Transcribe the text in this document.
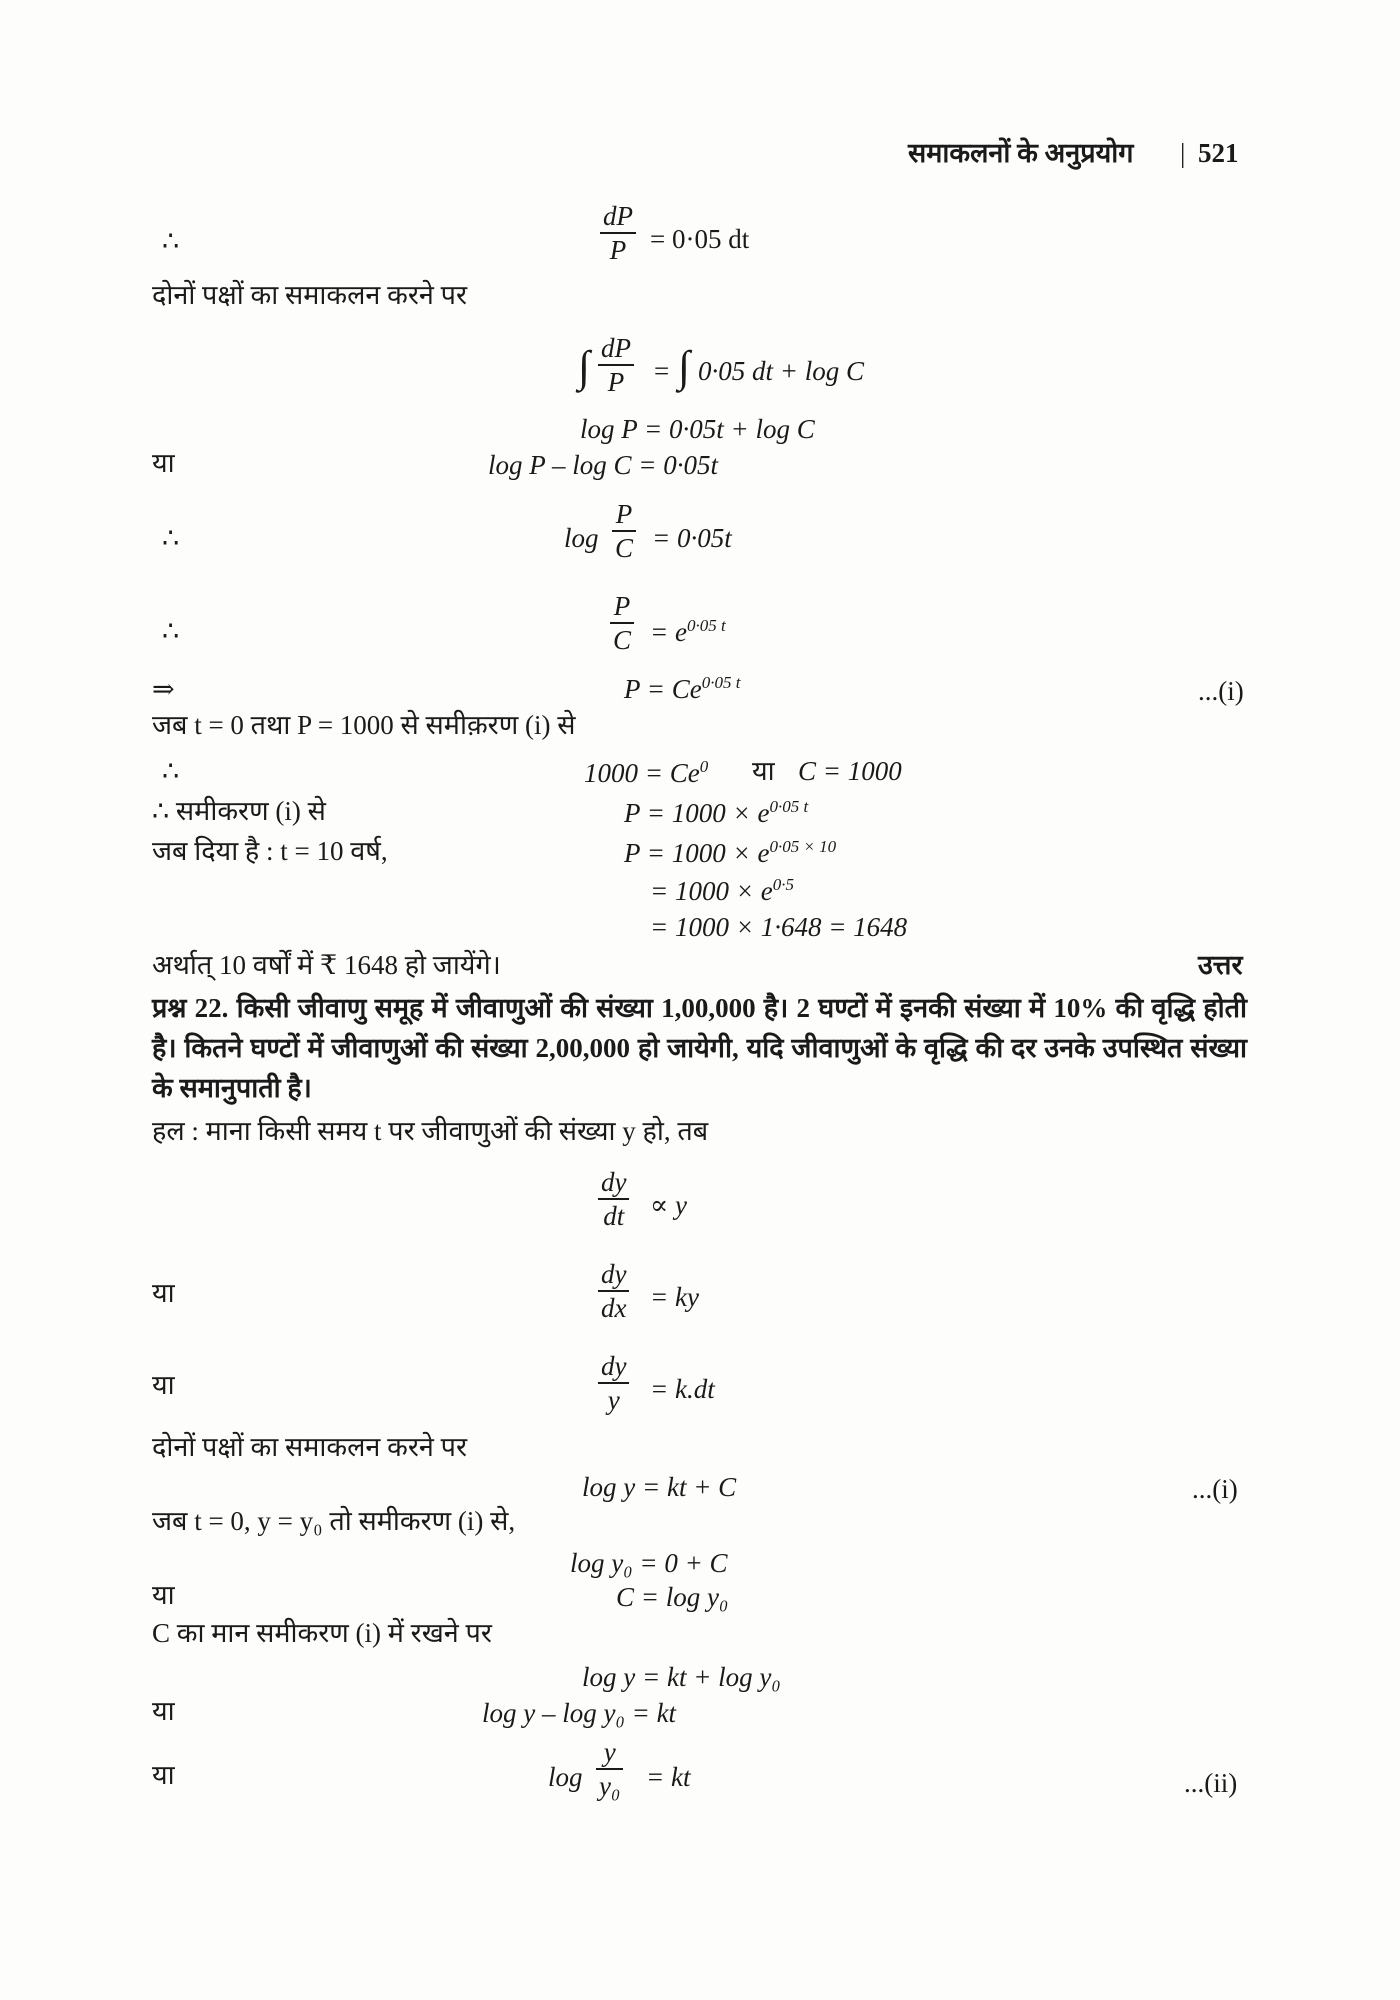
समाकलनों के अनुप्रयोग | 521
∴
dP
P = 0·05 dt
दोनों पक्षों का समाकलन करने पर
∫ dP
P = ∫ 0·05 dt + log C
log P = 0·05t + log C
या	log P – log C = 0·05t
∴	log
P
C = 0·05t
∴
P
$C = e^{0\cdot 05 t}$
⇒	$P = Ce^{0\cdot 05 t}$	...(i)
जब t = 0 तथा P = 1000 से समीक़रण (i) से
∴	$1000 = Ce^0$ या C = 1000
∴ समीकरण (i) से	$P = 1000 \times e^{0\cdot 05 t}$
जब दिया है : t = 10 वर्ष,	$P = 1000 \times e^{0\cdot 05 \times 10}$
= $1000 \times e^{0\cdot 5}$
= 1000 × 1·648 = 1648
अर्थात् 10 वर्षों में ₹ 1648 हो जायेंगे।	उत्तर
प्रश्न 22. किसी जीवाणु समूह में जीवाणुओं की संख्या 1,00,000 है। 2 घण्टों में इनकी संख्या में 10% की वृद्धि होती है। कितने घण्टों में जीवाणुओं की संख्या 2,00,000 हो जायेगी, यदि जीवाणुओं के वृद्धि की दर उनके उपस्थित संख्या के समानुपाती है।
हल : माना किसी समय t पर जीवाणुओं की संख्या y हो, तब
dy
dt ∝ y
या
dy
dx = ky
या
dy
y = k.dt
दोनों पक्षों का समाकलन करने पर
log y = kt + C	...(i)
जब t = 0, y = y₀ तो समीकरण (i) से,
log y₀ = 0 + C
या	C = log y₀
C का मान समीकरण (i) में रखने पर
log y = kt + log y₀
या	log y – log y₀ = kt
या	log
y
y₀ = kt	...(ii)
